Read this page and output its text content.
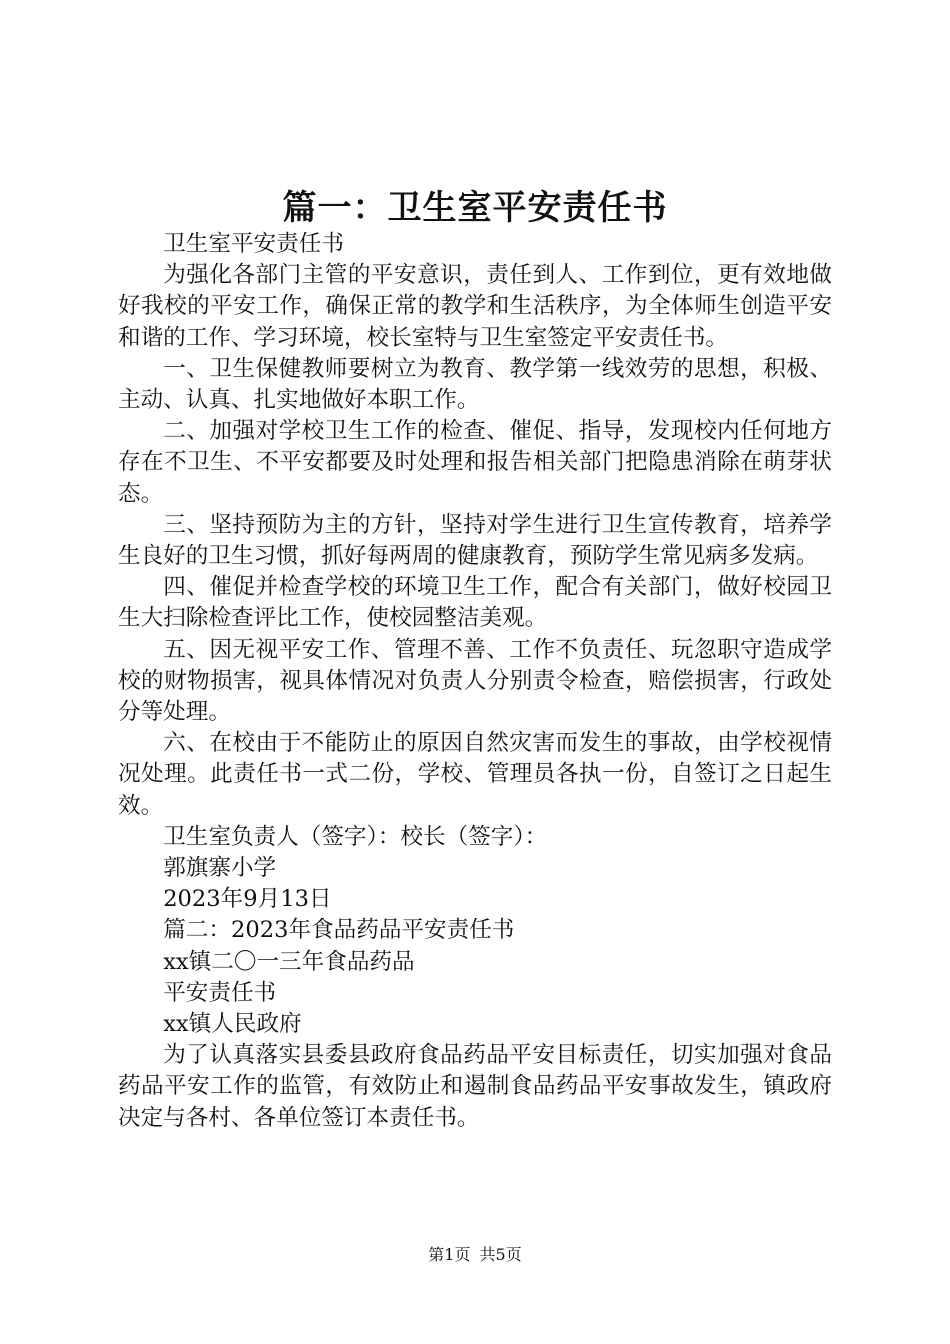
篇一：卫生室平安责任书

卫生室平安责任书

为强化各部门主管的平安意识，责任到人、工作到位，更有效地做好我校的平安工作，确保正常的教学和生活秩序，为全体师生创造平安和谐的工作、学习环境，校长室特与卫生室签定平安责任书。

一、卫生保健教师要树立为教育、教学第一线效劳的思想，积极、主动、认真、扎实地做好本职工作。

二、加强对学校卫生工作的检查、催促、指导，发现校内任何地方存在不卫生、不平安都要及时处理和报告相关部门把隐患消除在萌芽状态。

三、坚持预防为主的方针，坚持对学生进行卫生宣传教育，培养学生良好的卫生习惯，抓好每两周的健康教育，预防学生常见病多发病。

四、催促并检查学校的环境卫生工作，配合有关部门，做好校园卫生大扫除检查评比工作，使校园整洁美观。

五、因无视平安工作、管理不善、工作不负责任、玩忽职守造成学校的财物损害，视具体情况对负责人分别责令检查，赔偿损害，行政处分等处理。

六、在校由于不能防止的原因自然灾害而发生的事故，由学校视情况处理。此责任书一式二份，学校、管理员各执一份，自签订之日起生效。

卫生室负责人（签字）：校长（签字）：

郭旗寨小学

2023年9月13日

篇二：2023年食品药品平安责任书

xx镇二〇一三年食品药品

平安责任书

xx镇人民政府

为了认真落实县委县政府食品药品平安目标责任，切实加强对食品药品平安工作的监管，有效防止和遏制食品药品平安事故发生，镇政府决定与各村、各单位签订本责任书。

第1页 共5页
